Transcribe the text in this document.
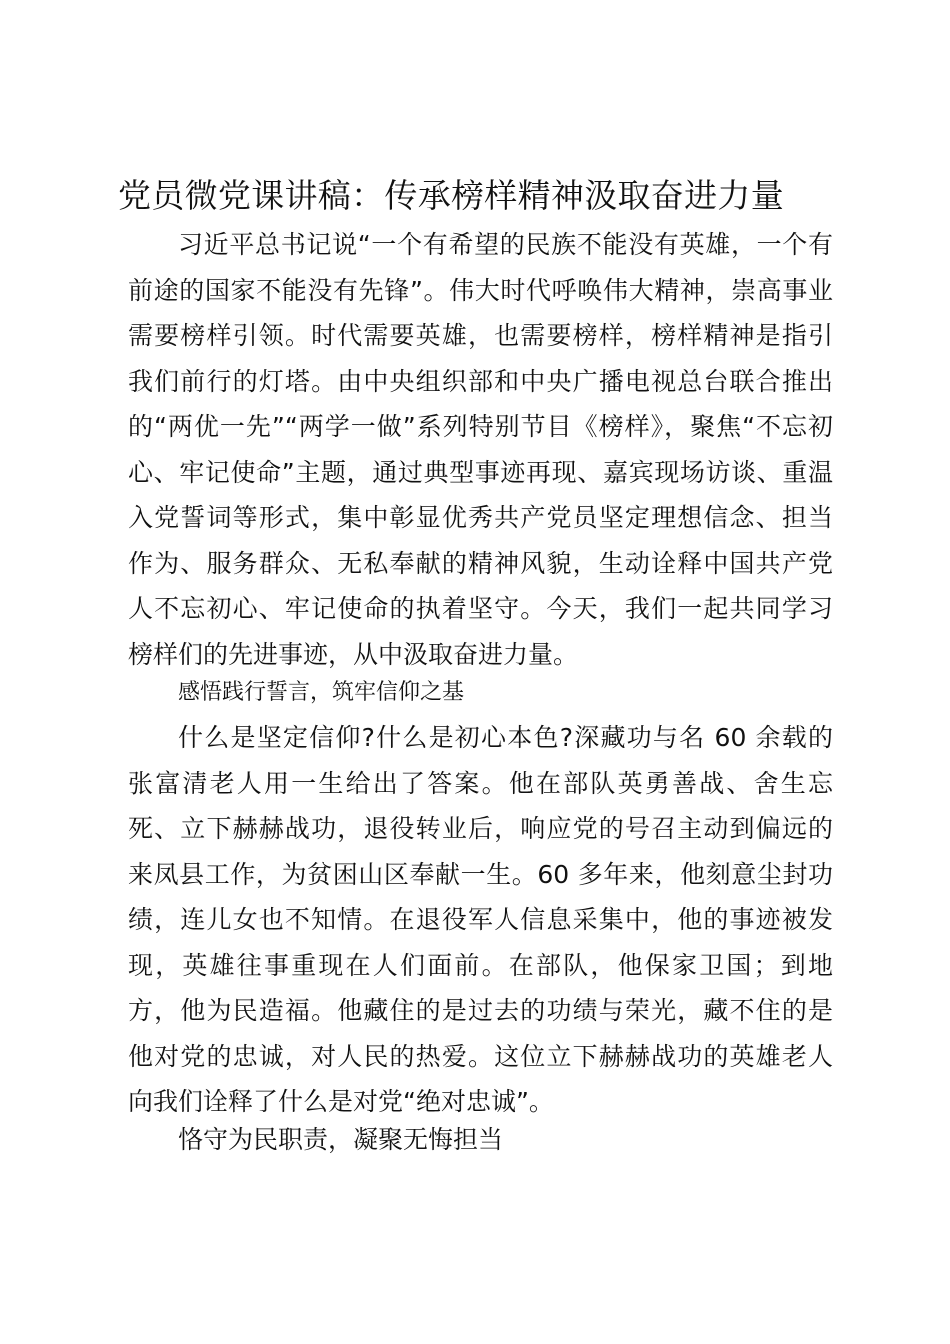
党员微党课讲稿：传承榜样精神汲取奋进力量
习近平总书记说“一个有希望的民族不能没有英雄，一个有
前途的国家不能没有先锋”。伟大时代呼唤伟大精神，崇高事业
需要榜样引领。时代需要英雄，也需要榜样，榜样精神是指引
我们前行的灯塔。由中央组织部和中央广播电视总台联合推出
的“两优一先”“两学一做”系列特别节目《榜样》，聚焦“不忘初
心、牢记使命”主题，通过典型事迹再现、嘉宾现场访谈、重温
入党誓词等形式，集中彰显优秀共产党员坚定理想信念、担当
作为、服务群众、无私奉献的精神风貌，生动诠释中国共产党
人不忘初心、牢记使命的执着坚守。今天，我们一起共同学习
榜样们的先进事迹，从中汲取奋进力量。
感悟践行誓言，筑牢信仰之基
什么是坚定信仰?什么是初心本色?深藏功与名 60 余载的
张富清老人用一生给出了答案。他在部队英勇善战、舍生忘
死、立下赫赫战功，退役转业后，响应党的号召主动到偏远的
来凤县工作，为贫困山区奉献一生。60 多年来，他刻意尘封功
绩，连儿女也不知情。在退役军人信息采集中，他的事迹被发
现，英雄往事重现在人们面前。在部队，他保家卫国；到地
方，他为民造福。他藏住的是过去的功绩与荣光，藏不住的是
他对党的忠诚，对人民的热爱。这位立下赫赫战功的英雄老人
向我们诠释了什么是对党“绝对忠诚”。
恪守为民职责，凝聚无悔担当
